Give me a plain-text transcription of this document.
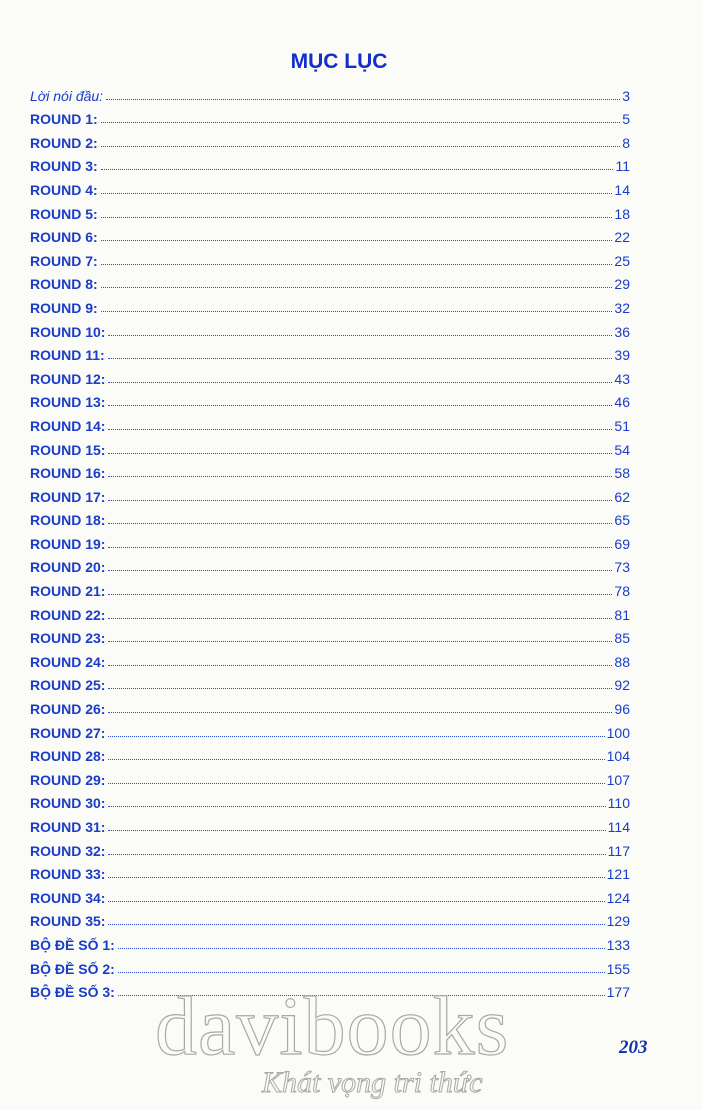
MỤC LỤC
Lời nói đầu:	3
ROUND 1:	5
ROUND 2:	8
ROUND 3:	11
ROUND 4:	14
ROUND 5:	18
ROUND 6:	22
ROUND 7:	25
ROUND 8:	29
ROUND 9:	32
ROUND 10:	36
ROUND 11:	39
ROUND 12:	43
ROUND 13:	46
ROUND 14:	51
ROUND 15:	54
ROUND 16:	58
ROUND 17:	62
ROUND 18:	65
ROUND 19:	69
ROUND 20:	73
ROUND 21:	78
ROUND 22:	81
ROUND 23:	85
ROUND 24:	88
ROUND 25:	92
ROUND 26:	96
ROUND 27:	100
ROUND 28:	104
ROUND 29:	107
ROUND 30:	110
ROUND 31:	114
ROUND 32:	117
ROUND 33:	121
ROUND 34:	124
ROUND 35:	129
BỘ ĐỀ SỐ 1:	133
BỘ ĐỀ SỐ 2:	155
BỘ ĐỀ SỐ 3:	177
203
davibooks
Khát vọng tri thức
